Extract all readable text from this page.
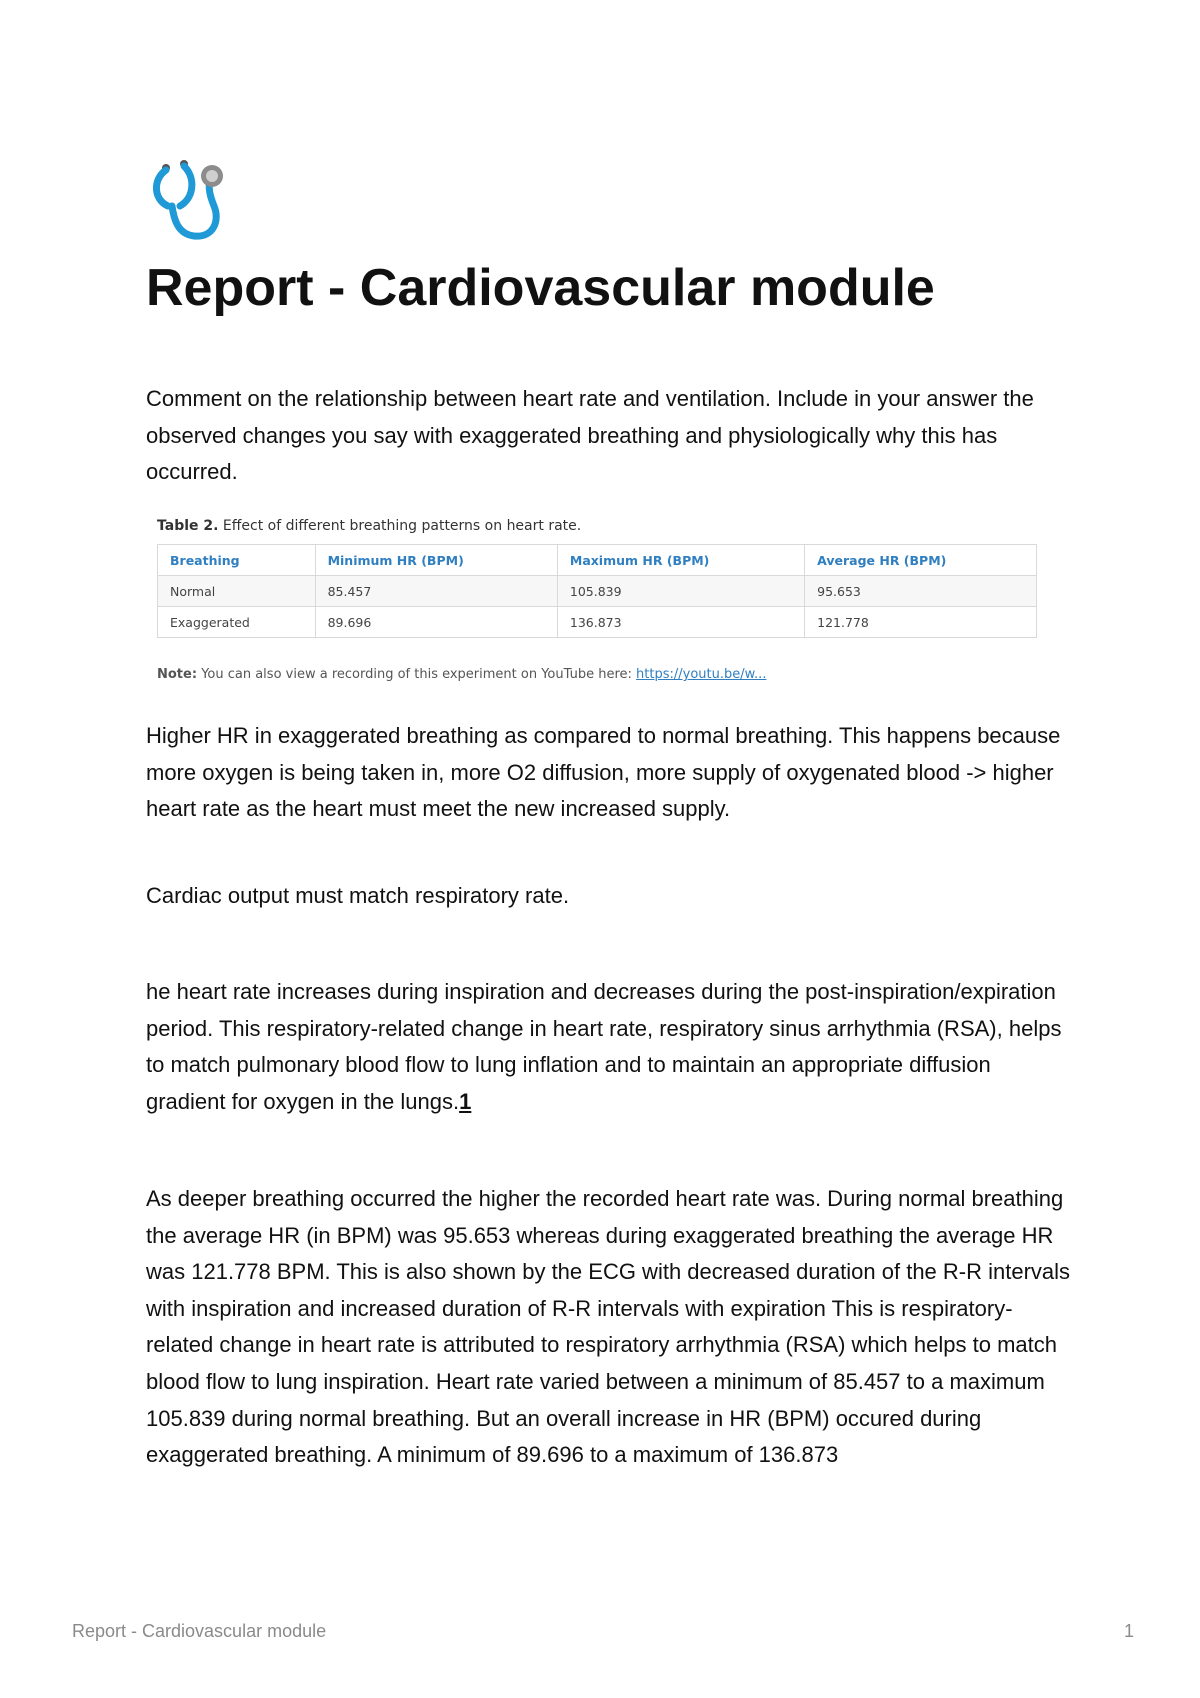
Report - Cardiovascular module

Comment on the relationship between heart rate and ventilation. Include in your answer the observed changes you say with exaggerated breathing and physiologically why this has occurred.

Table 2. Effect of different breathing patterns on heart rate.
Breathing	Minimum HR (BPM)	Maximum HR (BPM)	Average HR (BPM)
Normal	85.457	105.839	95.653
Exaggerated	89.696	136.873	121.778
Note: You can also view a recording of this experiment on YouTube here: https://youtu.be/w...

Higher HR in exaggerated breathing as compared to normal breathing. This happens because more oxygen is being taken in, more O2 diffusion, more supply of oxygenated blood -> higher heart rate as the heart must meet the new increased supply.

Cardiac output must match respiratory rate.

he heart rate increases during inspiration and decreases during the post-inspiration/expiration period. This respiratory-related change in heart rate, respiratory sinus arrhythmia (RSA), helps to match pulmonary blood flow to lung inflation and to maintain an appropriate diffusion gradient for oxygen in the lungs.1

As deeper breathing occurred the higher the recorded heart rate was. During normal breathing the average HR (in BPM) was 95.653 whereas during exaggerated breathing the average HR was 121.778 BPM. This is also shown by the ECG with decreased duration of the R-R intervals with inspiration and increased duration of R-R intervals with expiration This is respiratory-related change in heart rate is attributed to respiratory arrhythmia (RSA) which helps to match blood flow to lung inspiration. Heart rate varied between a minimum of 85.457 to a maximum 105.839 during normal breathing. But an overall increase in HR (BPM) occured during exaggerated breathing. A minimum of 89.696 to a maximum of 136.873

Report - Cardiovascular module	1
